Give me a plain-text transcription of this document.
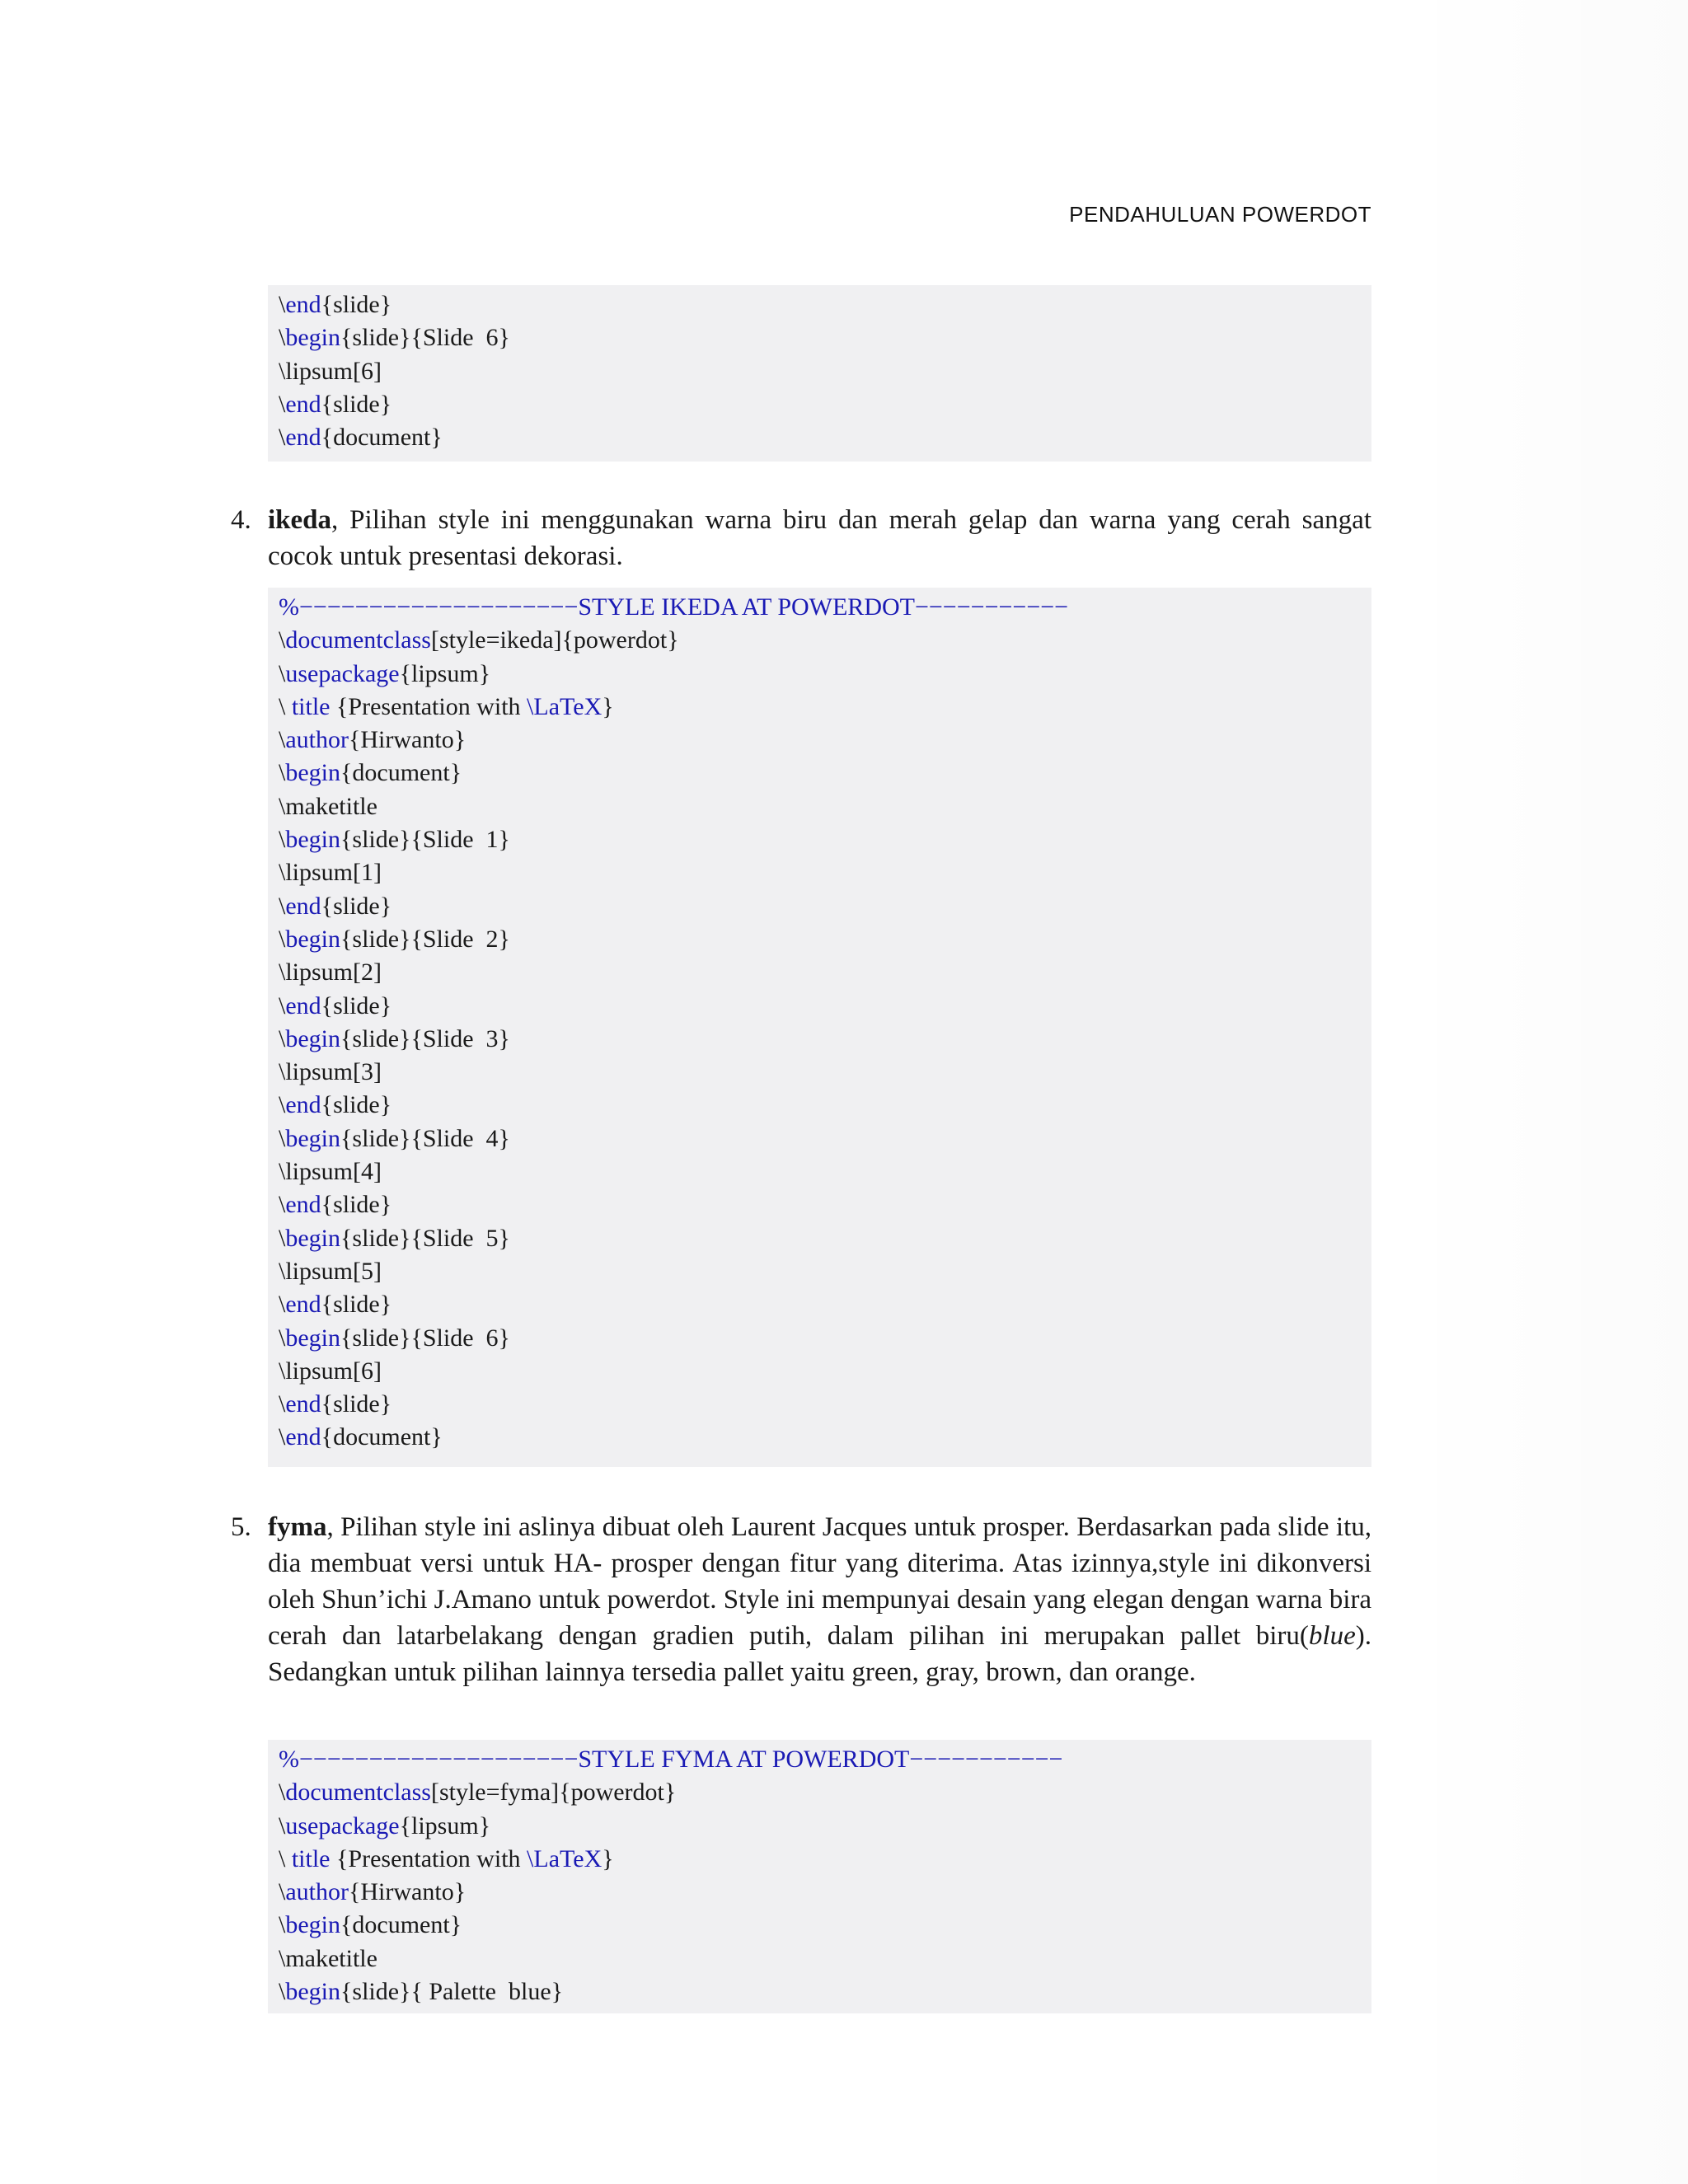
PENDAHULUAN POWERDOT
\end{slide}
\begin{slide}{Slide  6}
\lipsum[6]
\end{slide}
\end{document}
4. ikeda, Pilihan style ini menggunakan warna biru dan merah gelap dan warna yang cerah sangat cocok untuk presentasi dekorasi.
%−−−−−−−−−−−−−−−−−−−−STYLE IKEDA AT POWERDOT−−−−−−−−−−−
\documentclass[style=ikeda]{powerdot}
\usepackage{lipsum}
\ title {Presentation with \LaTeX}
\author{Hirwanto}
\begin{document}
\maketitle
\begin{slide}{Slide  1}
\lipsum[1]
\end{slide}
\begin{slide}{Slide  2}
\lipsum[2]
\end{slide}
\begin{slide}{Slide  3}
\lipsum[3]
\end{slide}
\begin{slide}{Slide  4}
\lipsum[4]
\end{slide}
\begin{slide}{Slide  5}
\lipsum[5]
\end{slide}
\begin{slide}{Slide  6}
\lipsum[6]
\end{slide}
\end{document}
5. fyma, Pilihan style ini aslinya dibuat oleh Laurent Jacques untuk prosper. Berdasarkan pada slide itu, dia membuat versi untuk HA- prosper dengan fitur yang diterima. Atas izinnya,style ini dikonversi oleh Shun’ichi J.Amano untuk powerdot. Style ini mempunyai desain yang elegan dengan warna bira cerah dan latarbelakang dengan gradien putih, dalam pilihan ini merupakan pallet biru(blue). Sedangkan untuk pilihan lainnya tersedia pallet yaitu green, gray, brown, dan orange.
%−−−−−−−−−−−−−−−−−−−−STYLE FYMA AT POWERDOT−−−−−−−−−−−
\documentclass[style=fyma]{powerdot}
\usepackage{lipsum}
\ title {Presentation with \LaTeX}
\author{Hirwanto}
\begin{document}
\maketitle
\begin{slide}{ Palette  blue}
